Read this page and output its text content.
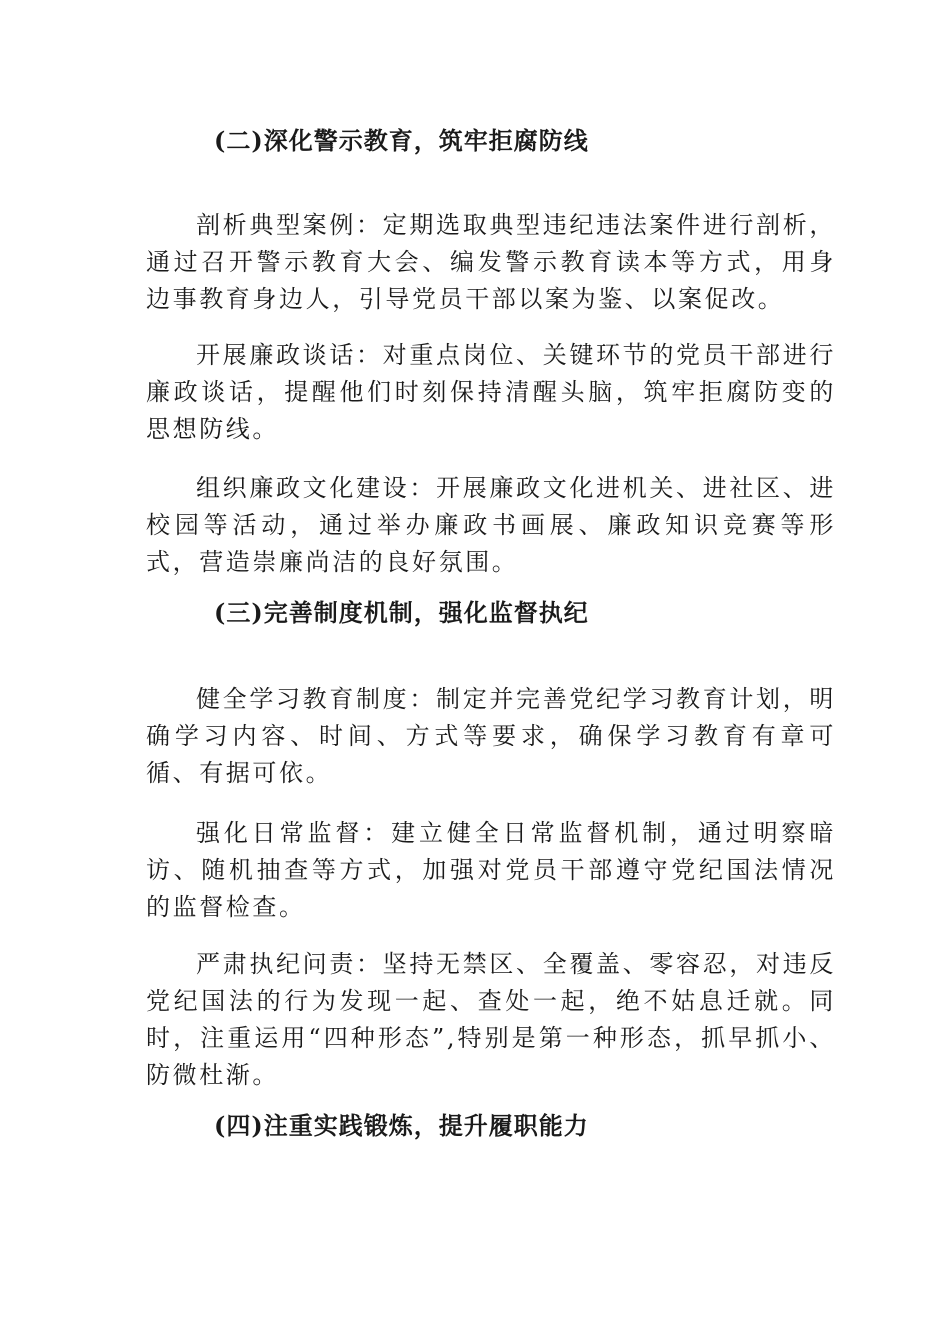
(二)深化警示教育，筑牢拒腐防线

剖析典型案例：定期选取典型违纪违法案件进行剖析，通过召开警示教育大会、编发警示教育读本等方式，用身边事教育身边人，引导党员干部以案为鉴、以案促改。

开展廉政谈话：对重点岗位、关键环节的党员干部进行廉政谈话，提醒他们时刻保持清醒头脑，筑牢拒腐防变的思想防线。

组织廉政文化建设：开展廉政文化进机关、进社区、进校园等活动，通过举办廉政书画展、廉政知识竞赛等形式，营造崇廉尚洁的良好氛围。

(三)完善制度机制，强化监督执纪

健全学习教育制度：制定并完善党纪学习教育计划，明确学习内容、时间、方式等要求，确保学习教育有章可循、有据可依。

强化日常监督：建立健全日常监督机制，通过明察暗访、随机抽查等方式，加强对党员干部遵守党纪国法情况的监督检查。

严肃执纪问责：坚持无禁区、全覆盖、零容忍，对违反党纪国法的行为发现一起、查处一起，绝不姑息迁就。同时，注重运用“四种形态”,特别是第一种形态，抓早抓小、防微杜渐。

(四)注重实践锻炼，提升履职能力
